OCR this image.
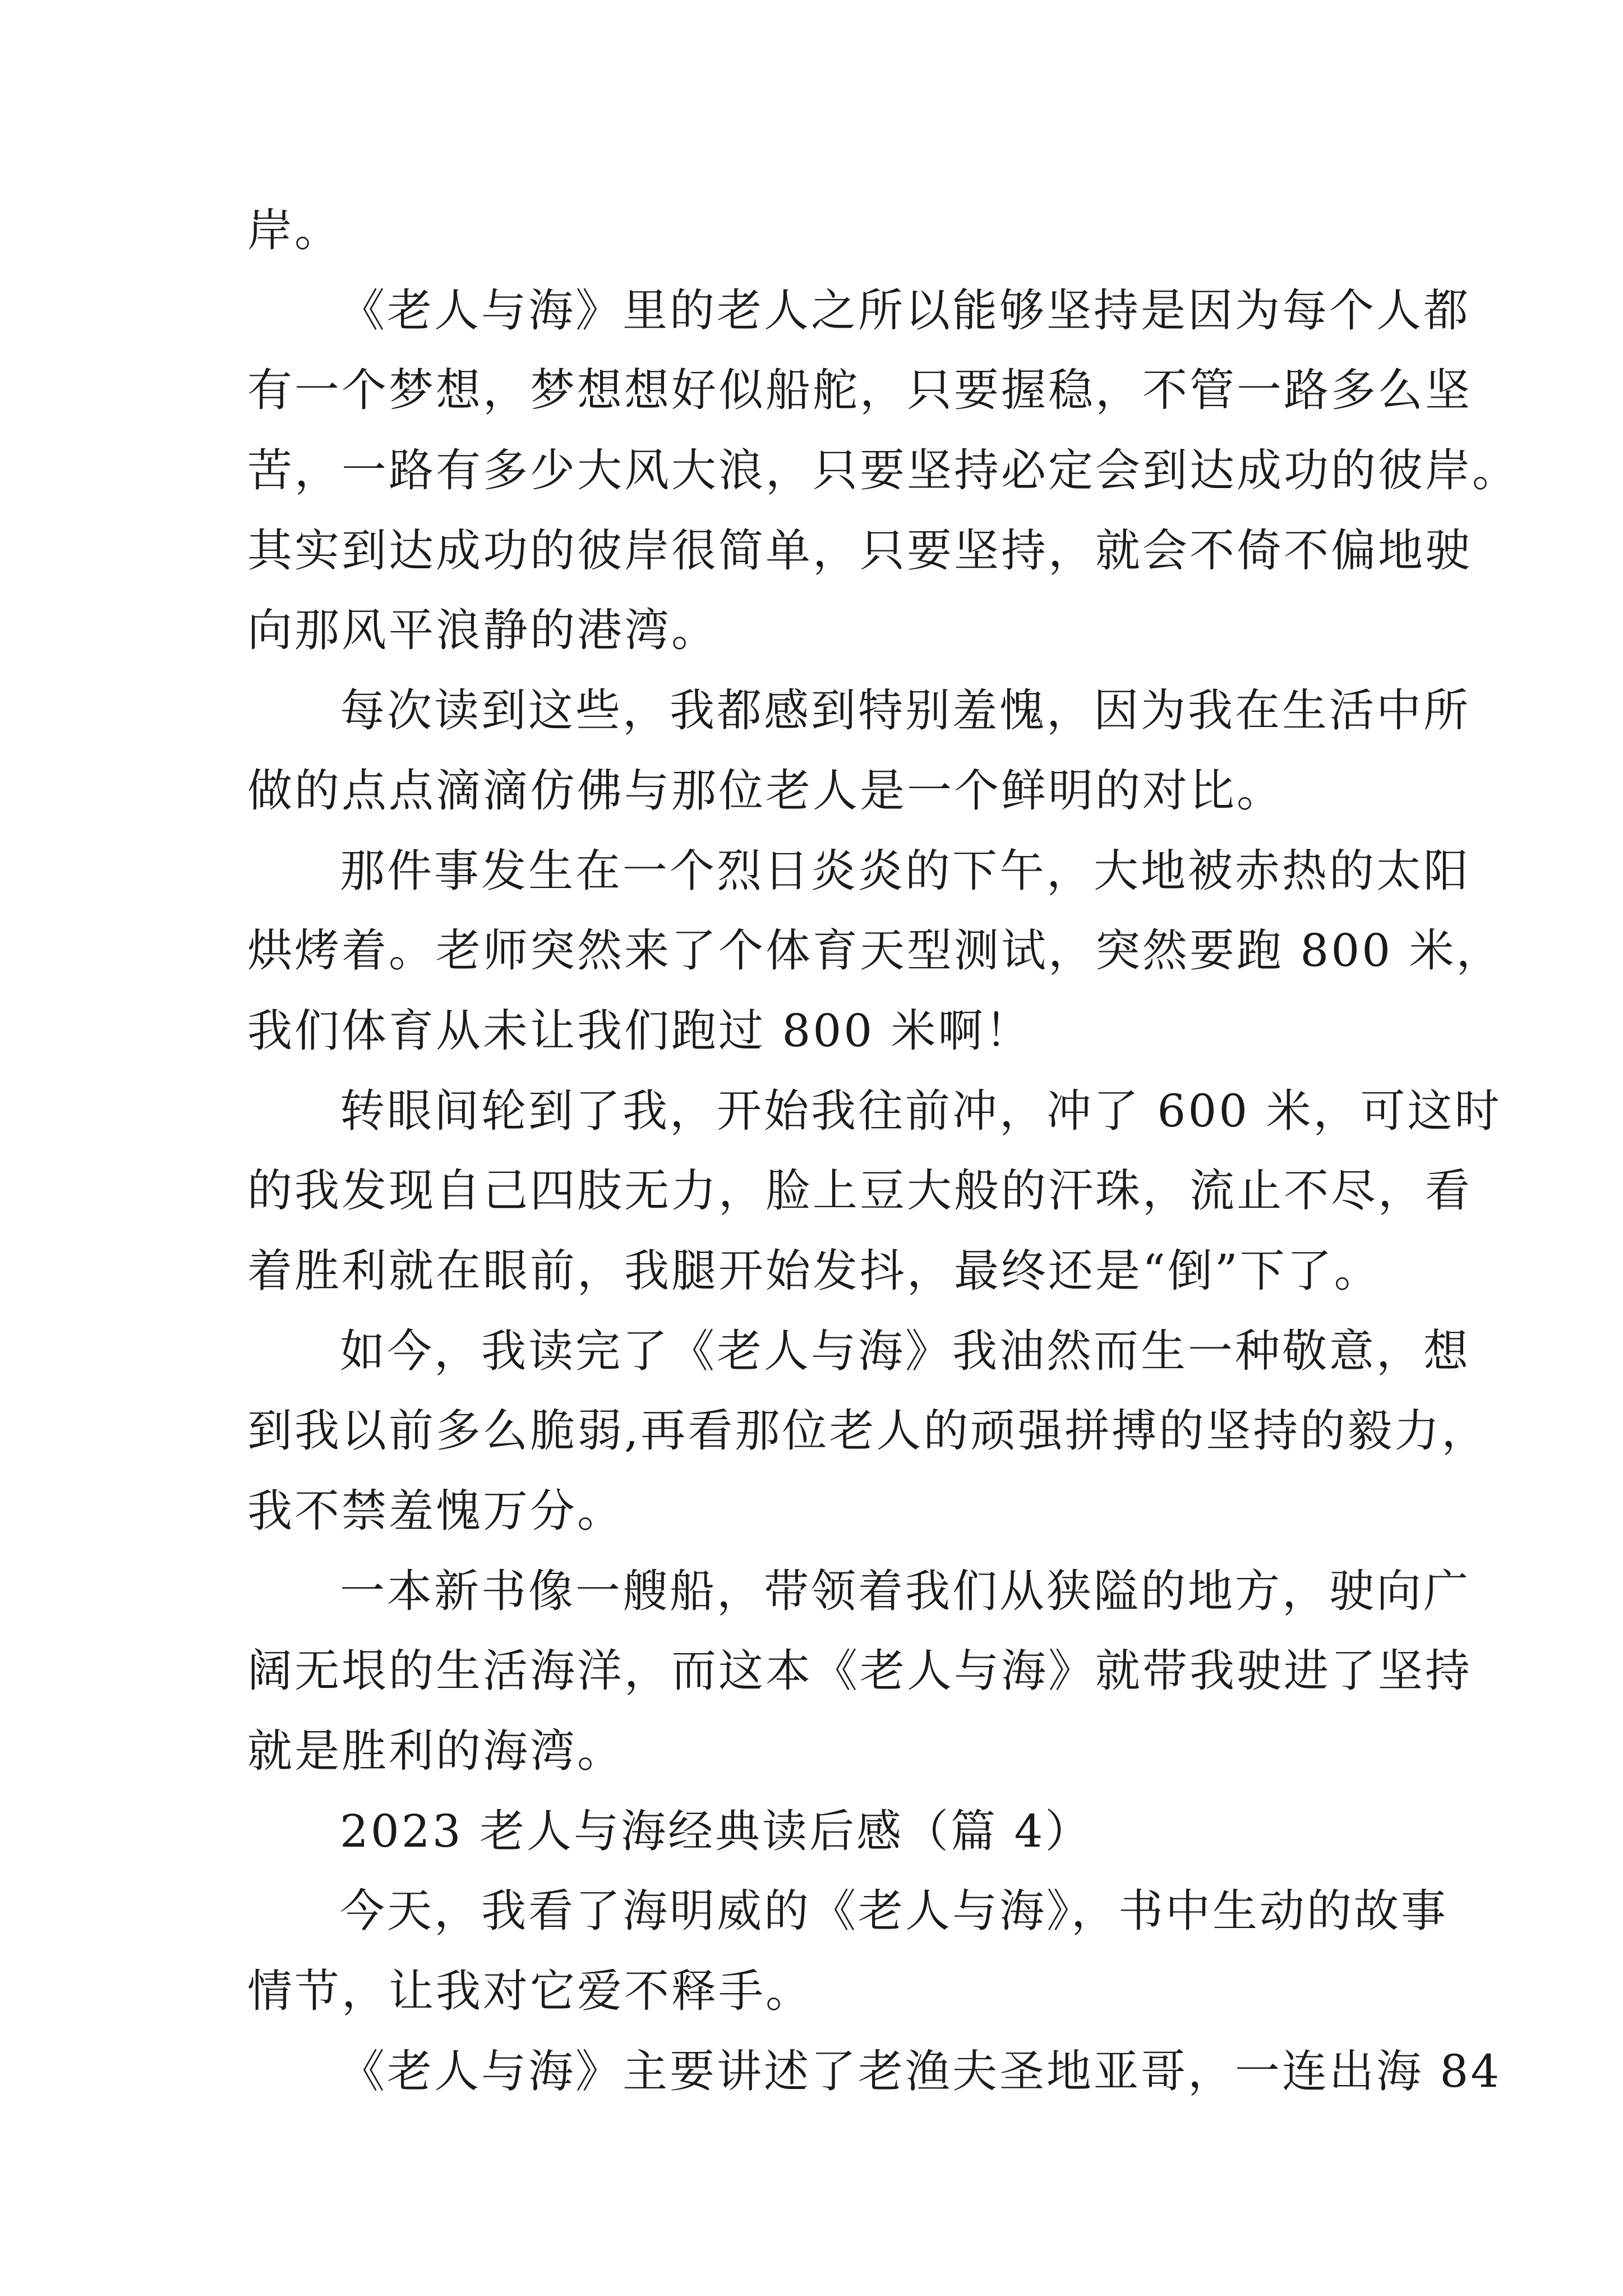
岸。
《老人与海》里的老人之所以能够坚持是因为每个人都
有一个梦想，梦想想好似船舵，只要握稳，不管一路多么坚
苦，一路有多少大风大浪，只要坚持必定会到达成功的彼岸。
其实到达成功的彼岸很简单，只要坚持，就会不倚不偏地驶
向那风平浪静的港湾。
每次读到这些，我都感到特别羞愧，因为我在生活中所
做的点点滴滴仿佛与那位老人是一个鲜明的对比。
那件事发生在一个烈日炎炎的下午，大地被赤热的太阳
烘烤着。老师突然来了个体育天型测试，突然要跑 800 米，
我们体育从未让我们跑过 800 米啊！
转眼间轮到了我，开始我往前冲，冲了 600 米，可这时
的我发现自己四肢无力，脸上豆大般的汗珠，流止不尽，看
着胜利就在眼前，我腿开始发抖，最终还是“倒”下了。
如今，我读完了《老人与海》我油然而生一种敬意，想
到我以前多么脆弱,再看那位老人的顽强拼搏的坚持的毅力，
我不禁羞愧万分。
一本新书像一艘船，带领着我们从狭隘的地方，驶向广
阔无垠的生活海洋，而这本《老人与海》就带我驶进了坚持
就是胜利的海湾。
2023 老人与海经典读后感（篇 4）
今天，我看了海明威的《老人与海》，书中生动的故事
情节，让我对它爱不释手。
《老人与海》主要讲述了老渔夫圣地亚哥，一连出海 84
